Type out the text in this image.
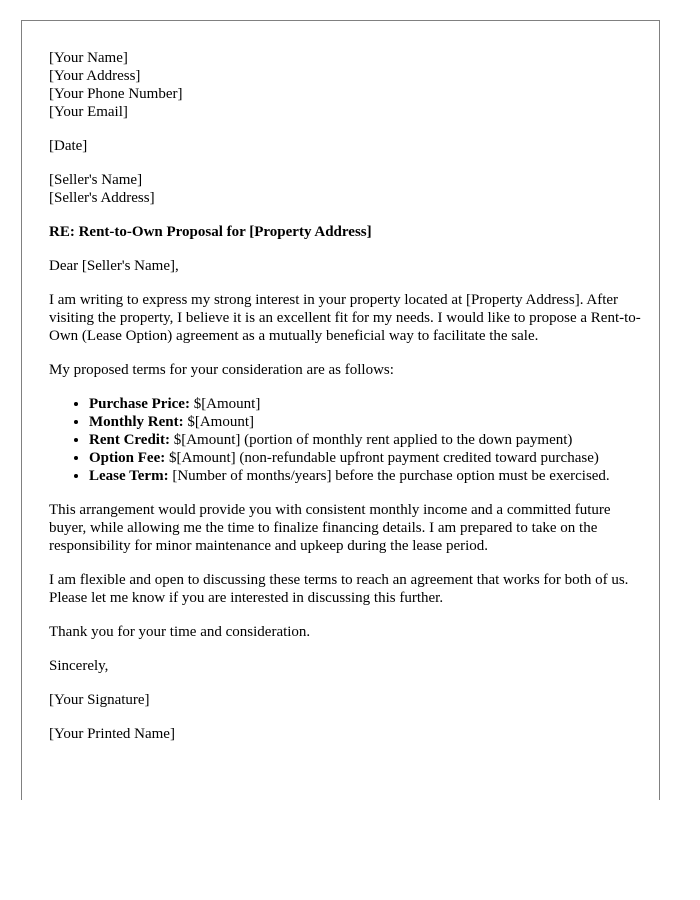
[Your Name]
[Your Address]
[Your Phone Number]
[Your Email]

[Date]

[Seller's Name]
[Seller's Address]

RE: Rent-to-Own Proposal for [Property Address]

Dear [Seller's Name],

I am writing to express my strong interest in your property located at [Property Address]. After visiting the property, I believe it is an excellent fit for my needs. I would like to propose a Rent-to-Own (Lease Option) agreement as a mutually beneficial way to facilitate the sale.

My proposed terms for your consideration are as follows:

• Purchase Price: $[Amount]
• Monthly Rent: $[Amount]
• Rent Credit: $[Amount] (portion of monthly rent applied to the down payment)
• Option Fee: $[Amount] (non-refundable upfront payment credited toward purchase)
• Lease Term: [Number of months/years] before the purchase option must be exercised.

This arrangement would provide you with consistent monthly income and a committed future buyer, while allowing me the time to finalize financing details. I am prepared to take on the responsibility for minor maintenance and upkeep during the lease period.

I am flexible and open to discussing these terms to reach an agreement that works for both of us. Please let me know if you are interested in discussing this further.

Thank you for your time and consideration.

Sincerely,

[Your Signature]

[Your Printed Name]
